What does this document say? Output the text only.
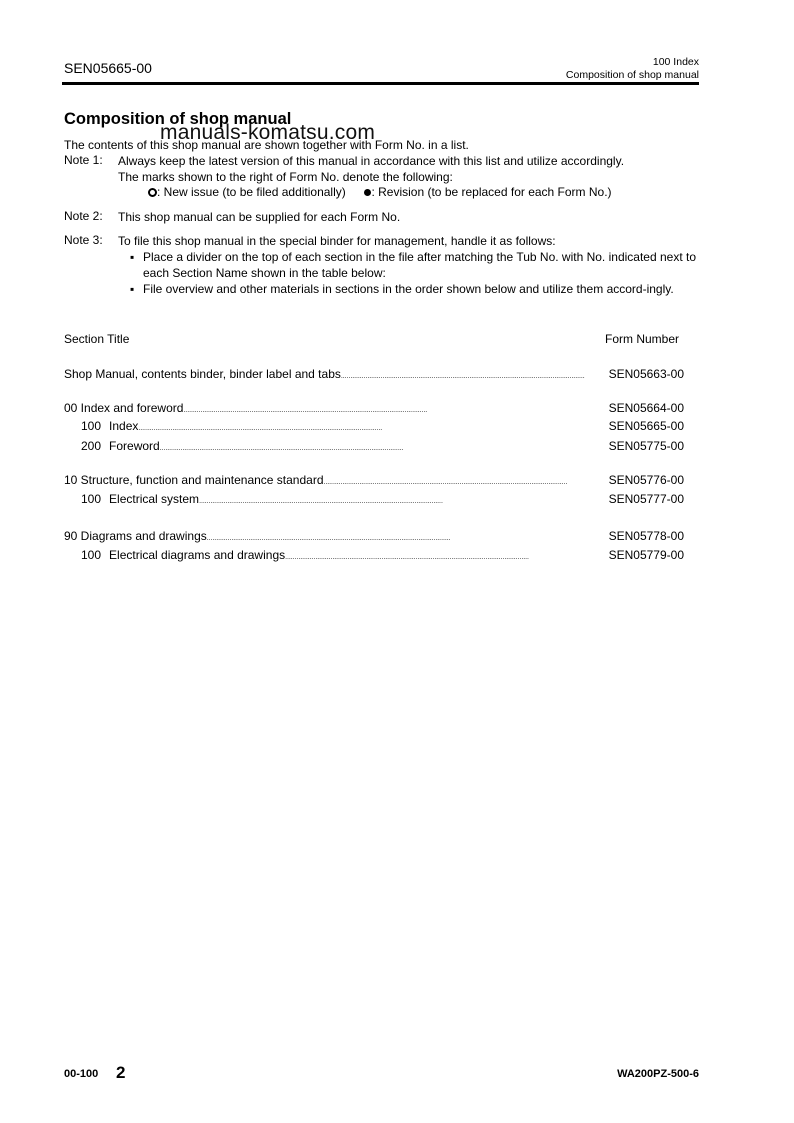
SEN05665-00	100 Index
Composition of shop manual
Composition of shop manual
manuals-komatsu.com
The contents of this shop manual are shown together with Form No. in a list.
Note 1: Always keep the latest version of this manual in accordance with this list and utilize accordingly.
The marks shown to the right of Form No. denote the following:
: New issue (to be filed additionally) : Revision (to be replaced for each Form No.)
Note 2: This shop manual can be supplied for each Form No.
Note 3: To file this shop manual in the special binder for management, handle it as follows:
▪ Place a divider on the top of each section in the file after matching the Tub No. with No. indicated next to each Section Name shown in the table below:
▪ File overview and other materials in sections in the order shown below and utilize them accord-ingly.
Section Title	Form Number
Shop Manual, contents binder, binder label and tabs . . .	SEN05663-00
00 Index and foreword . . .	SEN05664-00
100 Index . . .	SEN05665-00
200 Foreword . . .	SEN05775-00
10 Structure, function and maintenance standard . . .	SEN05776-00
100 Electrical system . . .	SEN05777-00
90 Diagrams and drawings . . .	SEN05778-00
100 Electrical diagrams and drawings . . .	SEN05779-00
00-100 2	WA200PZ-500-6
